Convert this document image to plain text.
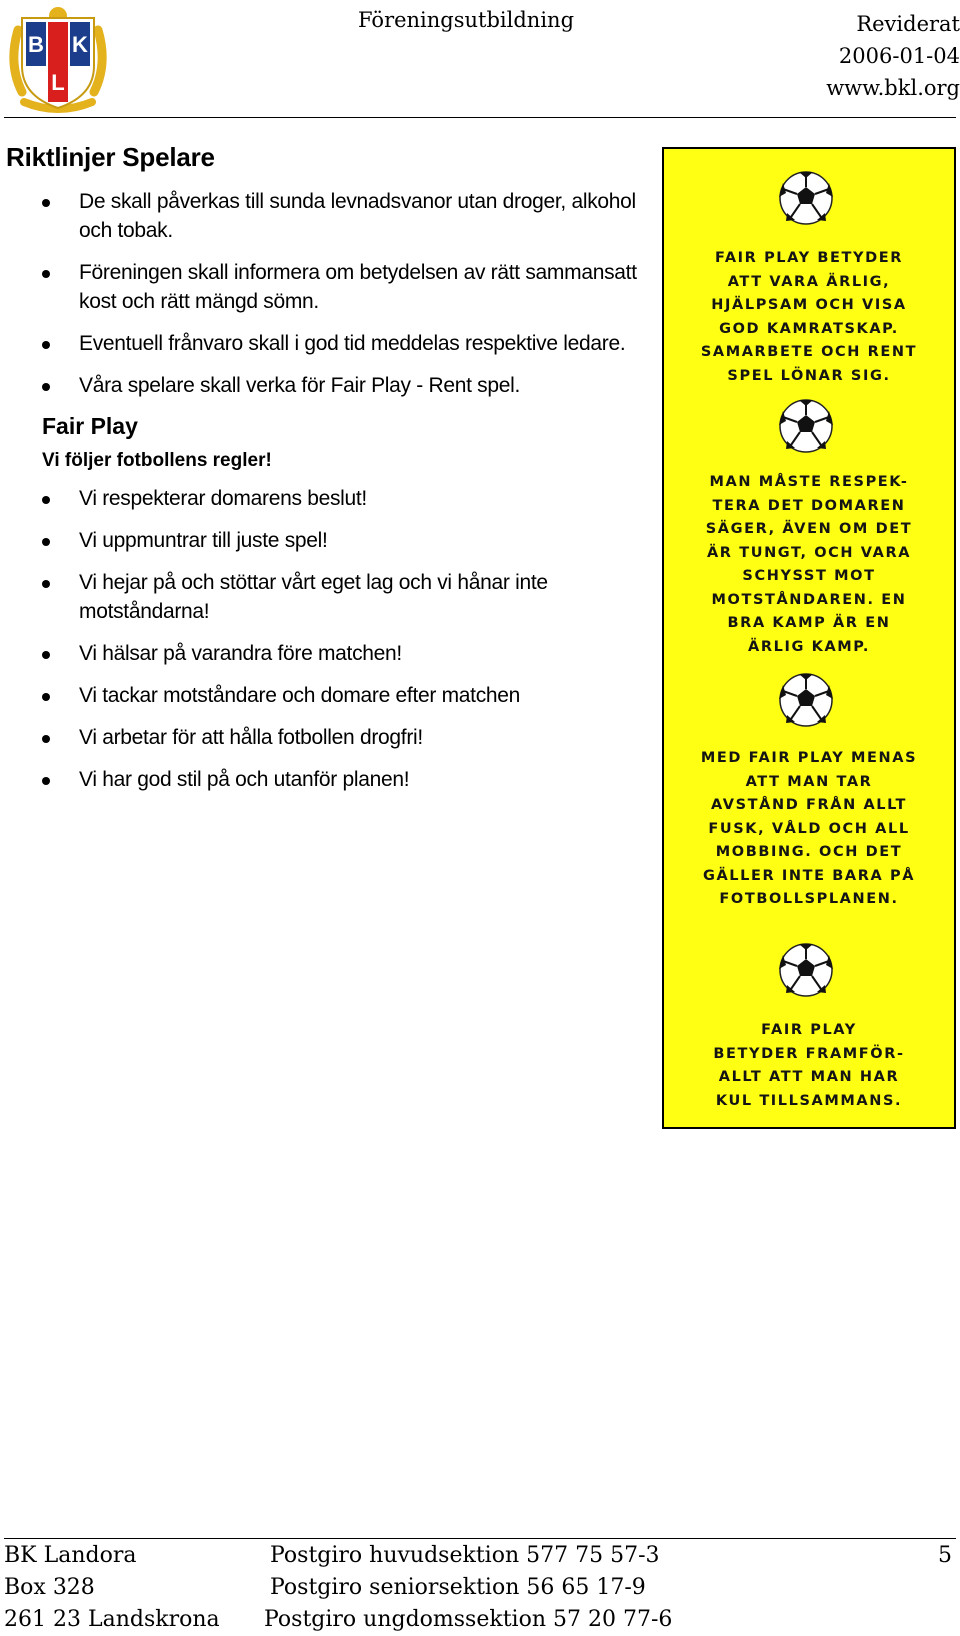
B K
L
Föreningsutbildning	Reviderat
2006-01-04
www.bkl.org
Riktlinjer Spelare
De skall påverkas till sunda levnadsvanor utan droger, alkohol och tobak.
Föreningen skall informera om betydelsen av rätt sammansatt kost och rätt mängd sömn.
Eventuell frånvaro skall i god tid meddelas respektive ledare.
Våra spelare skall verka för Fair Play - Rent spel.
Fair Play
Vi följer fotbollens regler!
Vi respekterar domarens beslut!
Vi uppmuntrar till juste spel!
Vi hejar på och stöttar vårt eget lag och vi hånar inte motståndarna!
Vi hälsar på varandra före matchen!
Vi tackar motståndare och domare efter matchen
Vi arbetar för att hålla fotbollen drogfri!
Vi har god stil på och utanför planen!
FAIR PLAY BETYDER
ATT VARA ÄRLIG,
HJÄLPSAM OCH VISA
GOD KAMRATSKAP.
SAMARBETE OCH RENT
SPEL LÖNAR SIG.
MAN MÅSTE RESPEK-
TERA DET DOMAREN
SÄGER, ÄVEN OM DET
ÄR TUNGT, OCH VARA
SCHYSST MOT
MOTSTÅNDAREN. EN
BRA KAMP ÄR EN
ÄRLIG KAMP.
MED FAIR PLAY MENAS
ATT MAN TAR
AVSTÅND FRÅN ALLT
FUSK, VÅLD OCH ALL
MOBBING. OCH DET
GÄLLER INTE BARA PÅ
FOTBOLLSPLANEN.
FAIR PLAY
BETYDER FRAMFÖR-
ALLT ATT MAN HAR
KUL TILLSAMMANS.
BK Landora
Box 328
261 23 Landskrona
Postgiro huvudsektion 577 75 57-3
Postgiro seniorsektion 56 65 17-9
Postgiro ungdomssektion 57 20 77-6
5
